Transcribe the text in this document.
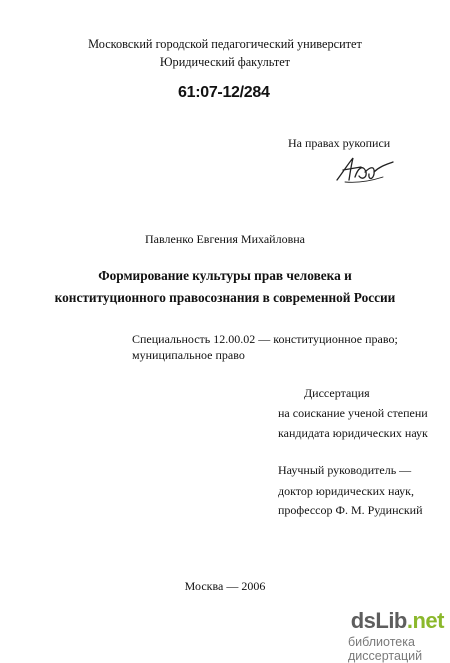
Московский городской педагогический университет
Юридический факультет
61:07-12/284
На правах рукописи
Павленко Евгения Михайловна
Формирование культуры прав человека и
конституционного правосознания в современной России
Специальность 12.00.02 — конституционное право;
муниципальное право
Диссертация
на соискание ученой степени
кандидата юридических наук
Научный руководитель —
доктор юридических наук,
профессор Ф. М. Рудинский
Москва — 2006
dsLib.net
библиотека диссертаций
